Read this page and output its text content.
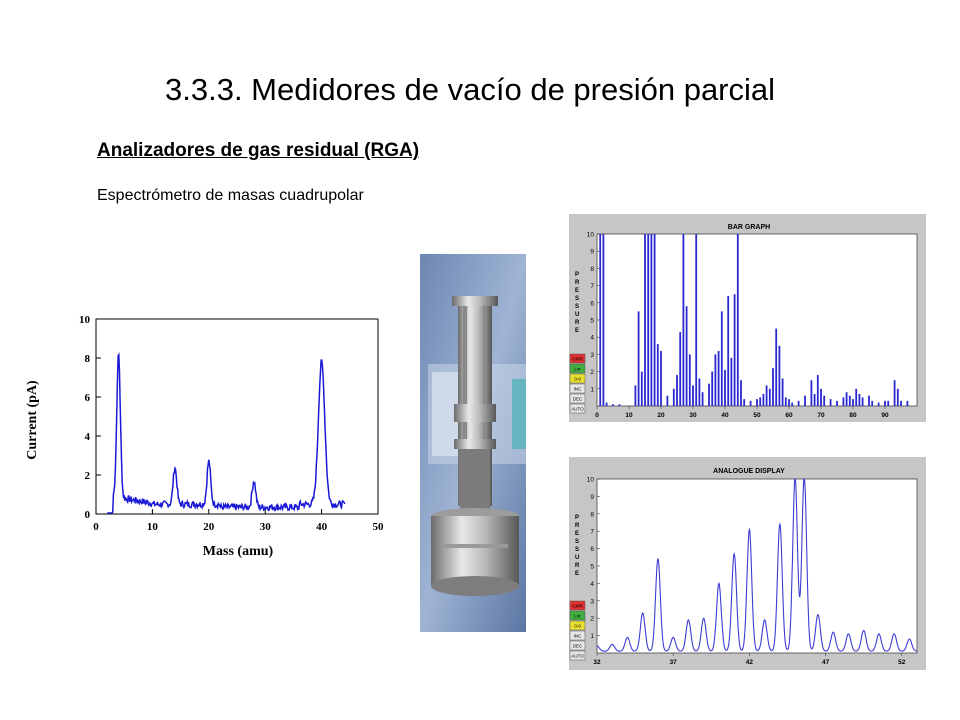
3.3.3. Medidores de vacío de presión parcial
Analizadores de gas residual (RGA)
Espectrómetro de masas cuadrupolar
0	10	20	30	40	50
0
2
4
6
8
10
Mass (amu)
Current (pA)
BAR GRAPH
P
R
E
S
S
U
R
E
GMR
Lnr
0-9
INC
DEC
AUTO
1
2
3
4
5
6
7
8
9
10
0	10	20	30	40	50	60	70	80	90
ANALOGUE DISPLAY
P
R
E
S
S
U
R
E
GMR
Lnr
0-9
INC
DEC
AUTO
1
2
3
4
5
6
7
8
9
10
32	37	42	47	52
